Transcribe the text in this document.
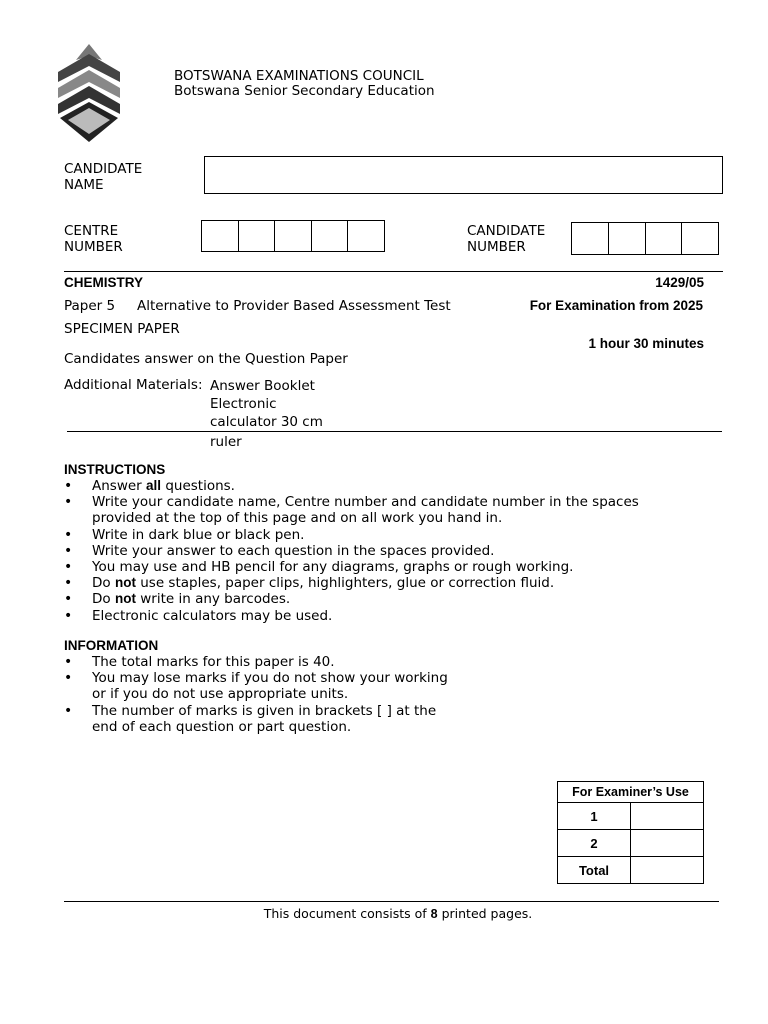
BOTSWANA EXAMINATIONS COUNCIL
Botswana Senior Secondary Education
CANDIDATE
NAME
CENTRE
NUMBER
CANDIDATE
NUMBER
CHEMISTRY	1429/05
Paper 5 Alternative to Provider Based Assessment Test	For Examination from 2025
SPECIMEN PAPER
1 hour 30 minutes
Candidates answer on the Question Paper
Additional Materials: Answer Booklet
Electronic
calculator 30 cm
ruler
INSTRUCTIONS
• Answer all questions.
• Write your candidate name, Centre number and candidate number in the spaces provided at the top of this page and on all work you hand in.
• Write in dark blue or black pen.
• Write your answer to each question in the spaces provided.
• You may use and HB pencil for any diagrams, graphs or rough working.
• Do not use staples, paper clips, highlighters, glue or correction fluid.
• Do not write in any barcodes.
• Electronic calculators may be used.
INFORMATION
• The total marks for this paper is 40.
• You may lose marks if you do not show your working or if you do not use appropriate units.
• The number of marks is given in brackets [ ] at the end of each question or part question.
For Examiner’s Use	
1	
2	
Total	
This document consists of 8 printed pages.
